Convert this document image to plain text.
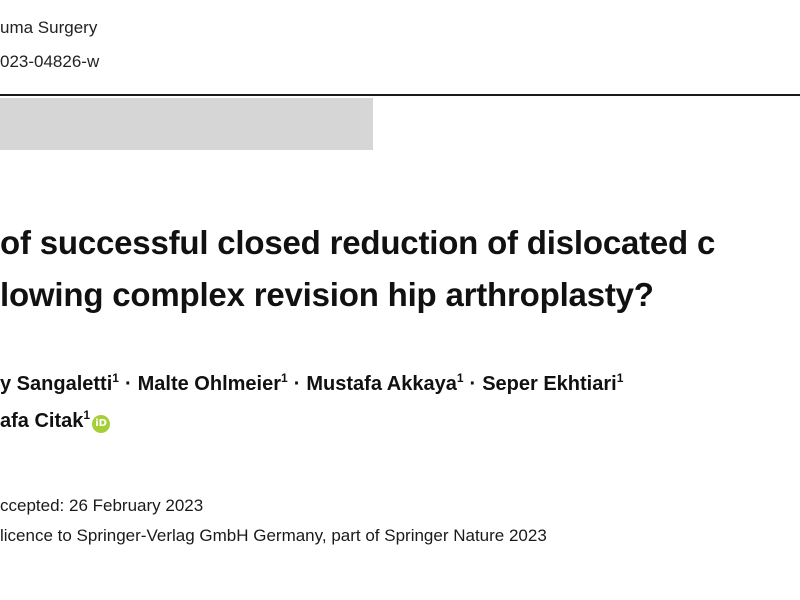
uma Surgery
023-04826-w
of successful closed reduction of dislocated c
lowing complex revision hip arthroplasty?
y Sangaletti$^1$ · Malte Ohlmeier$^1$ · Mustafa Akkaya$^1$ · Seper Ekhtiari$^1$
afa Citak$^1$iD
ccepted: 26 February 2023
licence to Springer-Verlag GmbH Germany, part of Springer Nature 2023
